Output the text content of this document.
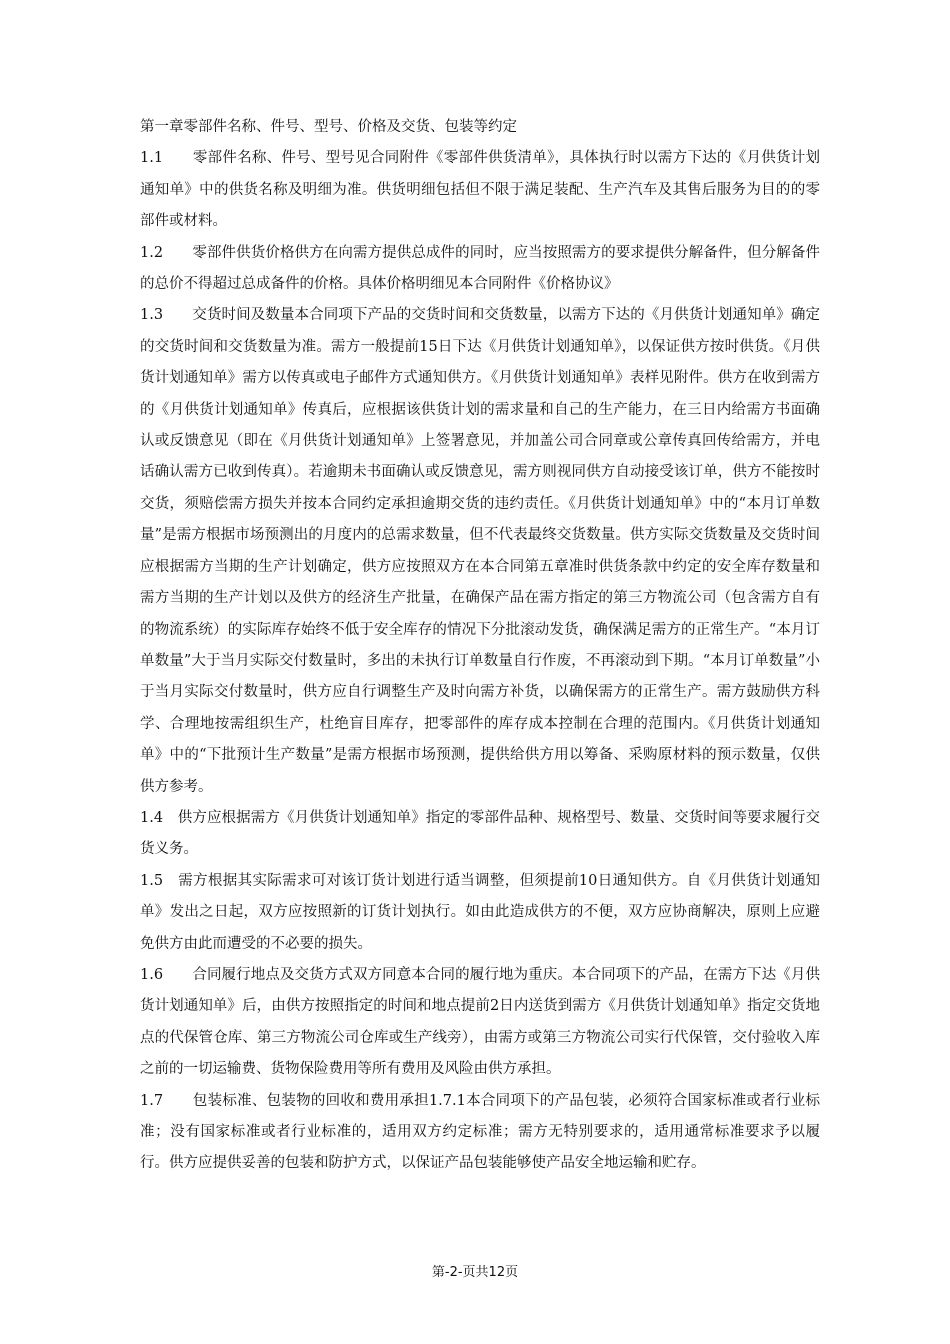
第一章零部件名称、件号、型号、价格及交货、包装等约定

1.1　　零部件名称、件号、型号见合同附件《零部件供货清单》，具体执行时以需方下达的《月供货计划通知单》中的供货名称及明细为准。供货明细包括但不限于满足装配、生产汽车及其售后服务为目的的零部件或材料。

1.2　　零部件供货价格供方在向需方提供总成件的同时，应当按照需方的要求提供分解备件，但分解备件的总价不得超过总成备件的价格。具体价格明细见本合同附件《价格协议》

1.3　　交货时间及数量本合同项下产品的交货时间和交货数量，以需方下达的《月供货计划通知单》确定的交货时间和交货数量为准。需方一般提前15日下达《月供货计划通知单》，以保证供方按时供货。《月供货计划通知单》需方以传真或电子邮件方式通知供方。《月供货计划通知单》表样见附件。供方在收到需方的《月供货计划通知单》传真后，应根据该供货计划的需求量和自己的生产能力，在三日内给需方书面确认或反馈意见（即在《月供货计划通知单》上签署意见，并加盖公司合同章或公章传真回传给需方，并电话确认需方已收到传真）。若逾期未书面确认或反馈意见，需方则视同供方自动接受该订单，供方不能按时交货，须赔偿需方损失并按本合同约定承担逾期交货的违约责任。《月供货计划通知单》中的“本月订单数量”是需方根据市场预测出的月度内的总需求数量，但不代表最终交货数量。供方实际交货数量及交货时间应根据需方当期的生产计划确定，供方应按照双方在本合同第五章准时供货条款中约定的安全库存数量和需方当期的生产计划以及供方的经济生产批量，在确保产品在需方指定的第三方物流公司（包含需方自有的物流系统）的实际库存始终不低于安全库存的情况下分批滚动发货，确保满足需方的正常生产。“本月订单数量”大于当月实际交付数量时，多出的未执行订单数量自行作废，不再滚动到下期。“本月订单数量”小于当月实际交付数量时，供方应自行调整生产及时向需方补货，以确保需方的正常生产。需方鼓励供方科学、合理地按需组织生产，杜绝盲目库存，把零部件的库存成本控制在合理的范围内。《月供货计划通知单》中的“下批预计生产数量”是需方根据市场预测，提供给供方用以筹备、采购原材料的预示数量，仅供供方参考。

1.4　供方应根据需方《月供货计划通知单》指定的零部件品种、规格型号、数量、交货时间等要求履行交货义务。

1.5　需方根据其实际需求可对该订货计划进行适当调整，但须提前10日通知供方。自《月供货计划通知单》发出之日起，双方应按照新的订货计划执行。如由此造成供方的不便，双方应协商解决，原则上应避免供方由此而遭受的不必要的损失。

1.6　　合同履行地点及交货方式双方同意本合同的履行地为重庆。本合同项下的产品，在需方下达《月供货计划通知单》后，由供方按照指定的时间和地点提前2日内送货到需方《月供货计划通知单》指定交货地点的代保管仓库、第三方物流公司仓库或生产线旁），由需方或第三方物流公司实行代保管，交付验收入库之前的一切运输费、货物保险费用等所有费用及风险由供方承担。

1.7　　包装标准、包装物的回收和费用承担1.7.1本合同项下的产品包装，必须符合国家标准或者行业标准；没有国家标准或者行业标准的，适用双方约定标准；需方无特别要求的，适用通常标准要求予以履行。供方应提供妥善的包装和防护方式，以保证产品包装能够使产品安全地运输和贮存。

第-2-页共12页
